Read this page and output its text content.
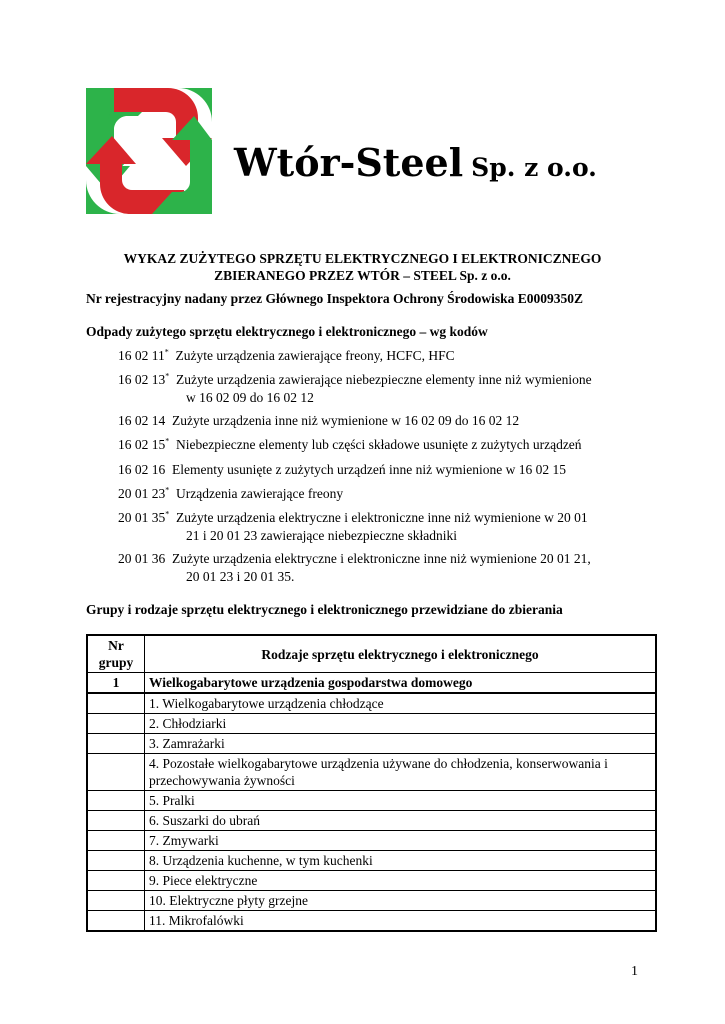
Wtór-Steel Sp. z o.o.
WYKAZ ZUŻYTEGO SPRZĘTU ELEKTRYCZNEGO I ELEKTRONICZNEGO
ZBIERANEGO PRZEZ WTÓR – STEEL Sp. z o.o.
Nr rejestracyjny nadany przez Głównego Inspektora Ochrony Środowiska E0009350Z
Odpady zużytego sprzętu elektrycznego i elektronicznego – wg kodów
16 02 11* Zużyte urządzenia zawierające freony, HCFC, HFC
16 02 13* Zużyte urządzenia zawierające niebezpieczne elementy inne niż wymienione
w 16 02 09 do 16 02 12
16 02 14 Zużyte urządzenia inne niż wymienione w 16 02 09 do 16 02 12
16 02 15* Niebezpieczne elementy lub części składowe usunięte z zużytych urządzeń
16 02 16 Elementy usunięte z zużytych urządzeń inne niż wymienione w 16 02 15
20 01 23* Urządzenia zawierające freony
20 01 35* Zużyte urządzenia elektryczne i elektroniczne inne niż wymienione w 20 01
21 i 20 01 23 zawierające niebezpieczne składniki
20 01 36 Zużyte urządzenia elektryczne i elektroniczne inne niż wymienione 20 01 21,
20 01 23 i 20 01 35.
Grupy i rodzaje sprzętu elektrycznego i elektronicznego przewidziane do zbierania
Nr grupy	Rodzaje sprzętu elektrycznego i elektronicznego
1	Wielkogabarytowe urządzenia gospodarstwa domowego
	1. Wielkogabarytowe urządzenia chłodzące
	2. Chłodziarki
	3. Zamrażarki
	4. Pozostałe wielkogabarytowe urządzenia używane do chłodzenia, konserwowania i przechowywania żywności
	5. Pralki
	6. Suszarki do ubrań
	7. Zmywarki
	8. Urządzenia kuchenne, w tym kuchenki
	9. Piece elektryczne
	10. Elektryczne płyty grzejne
	11. Mikrofalówki
1
